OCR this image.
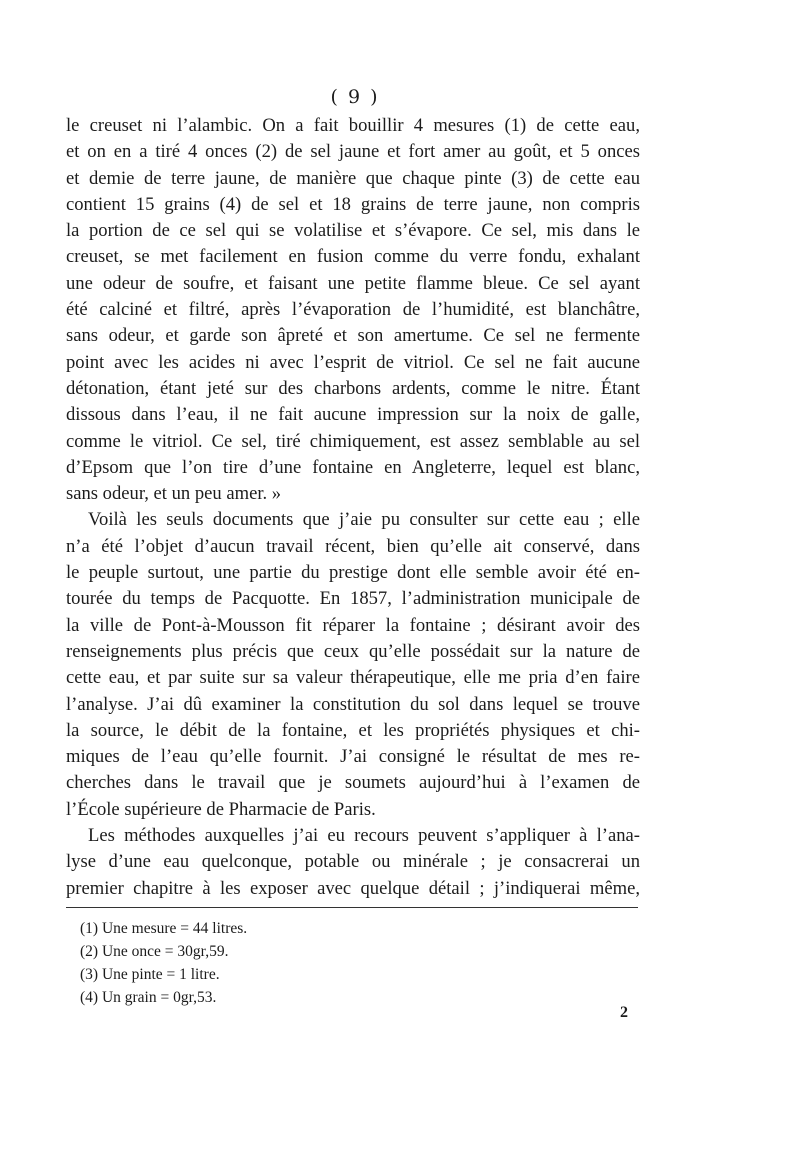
( 9 )
le creuset ni l’alambic. On a fait bouillir 4 mesures (1) de cette eau,
et on en a tiré 4 onces (2) de sel jaune et fort amer au goût, et 5 onces
et demie de terre jaune, de manière que chaque pinte (3) de cette eau
contient 15 grains (4) de sel et 18 grains de terre jaune, non compris
la portion de ce sel qui se volatilise et s’évapore. Ce sel, mis dans le
creuset, se met facilement en fusion comme du verre fondu, exhalant
une odeur de soufre, et faisant une petite flamme bleue. Ce sel ayant
été calciné et filtré, après l’évaporation de l’humidité, est blanchâtre,
sans odeur, et garde son âpreté et son amertume. Ce sel ne fermente
point avec les acides ni avec l’esprit de vitriol. Ce sel ne fait aucune
détonation, étant jeté sur des charbons ardents, comme le nitre. Étant
dissous dans l’eau, il ne fait aucune impression sur la noix de galle,
comme le vitriol. Ce sel, tiré chimiquement, est assez semblable au sel
d’Epsom que l’on tire d’une fontaine en Angleterre, lequel est blanc,
sans odeur, et un peu amer. »
Voilà les seuls documents que j’aie pu consulter sur cette eau ; elle
n’a été l’objet d’aucun travail récent, bien qu’elle ait conservé, dans
le peuple surtout, une partie du prestige dont elle semble avoir été en-
tourée du temps de Pacquotte. En 1857, l’administration municipale de
la ville de Pont-à-Mousson fit réparer la fontaine ; désirant avoir des
renseignements plus précis que ceux qu’elle possédait sur la nature de
cette eau, et par suite sur sa valeur thérapeutique, elle me pria d’en faire
l’analyse. J’ai dû examiner la constitution du sol dans lequel se trouve
la source, le débit de la fontaine, et les propriétés physiques et chi-
miques de l’eau qu’elle fournit. J’ai consigné le résultat de mes re-
cherches dans le travail que je soumets aujourd’hui à l’examen de
l’École supérieure de Pharmacie de Paris.
Les méthodes auxquelles j’ai eu recours peuvent s’appliquer à l’ana-
lyse d’une eau quelconque, potable ou minérale ; je consacrerai un
premier chapitre à les exposer avec quelque détail ; j’indiquerai même,
(1) Une mesure = 44 litres.
(2) Une once = 30gr,59.
(3) Une pinte = 1 litre.
(4) Un grain = 0gr,53.
2
